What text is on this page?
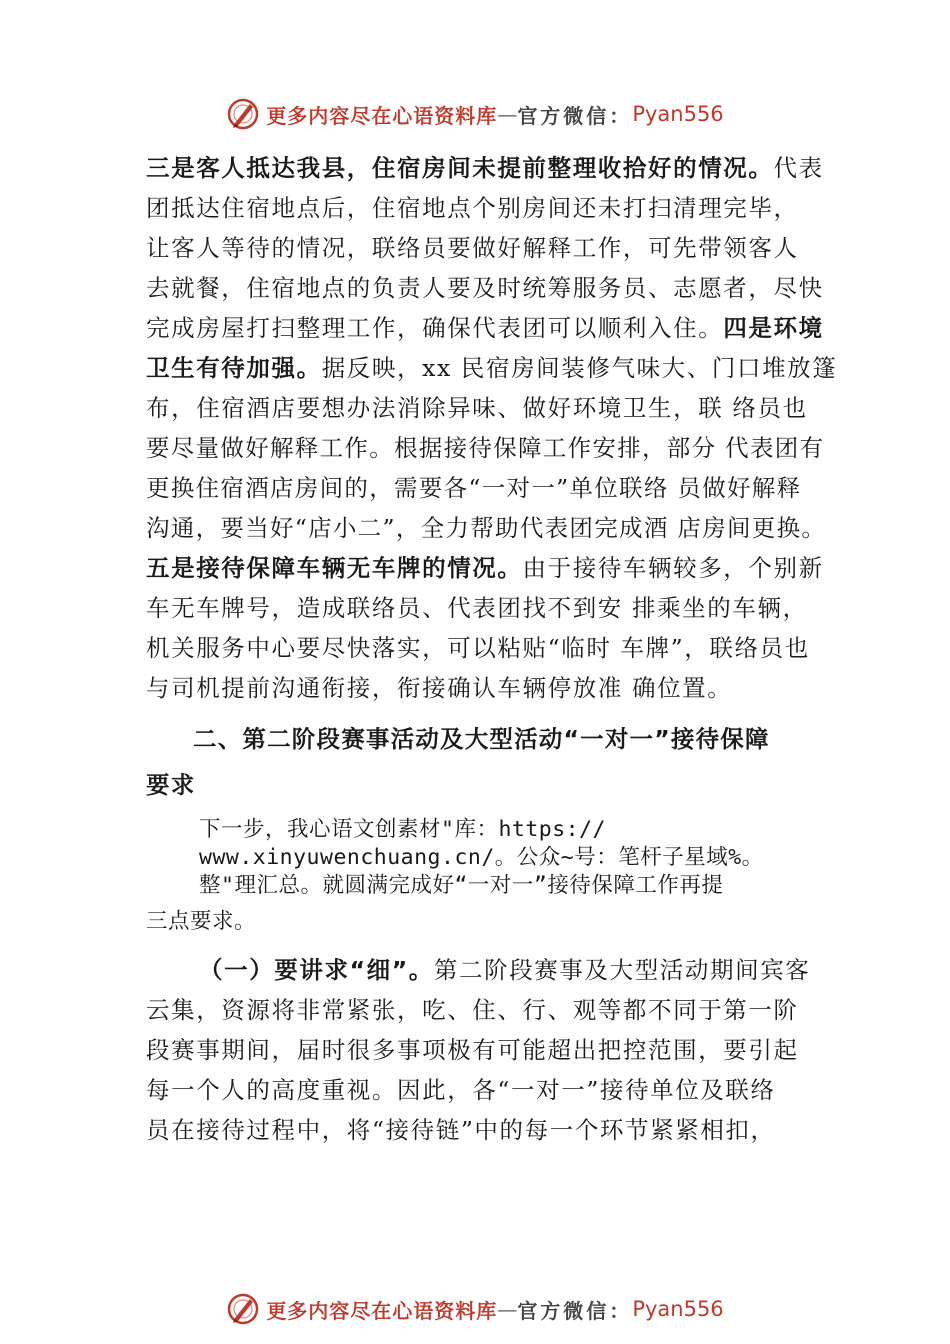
更多内容尽在心语资料库 — 官方微信： Pyan556
三是客人抵达我县，住宿房间未提前整理收拾好的情况。代表
团抵达住宿地点后，住宿地点个别房间还未打扫清理完毕，
让客人等待的情况，联络员要做好解释工作，可先带领客人
去就餐，住宿地点的负责人要及时统筹服务员、志愿者，尽快
完成房屋打扫整理工作，确保代表团可以顺利入住。四是环境
卫生有待加强。据反映，xx 民宿房间装修气味大、门口堆放篷
布，住宿酒店要想办法消除异味、做好环境卫生，联 络员也
要尽量做好解释工作。根据接待保障工作安排，部分 代表团有
更换住宿酒店房间的，需要各“一对一”单位联络 员做好解释
沟通，要当好“店小二”，全力帮助代表团完成酒 店房间更换。
五是接待保障车辆无车牌的情况。由于接待车辆较多，个别新
车无车牌号，造成联络员、代表团找不到安 排乘坐的车辆，
机关服务中心要尽快落实，可以粘贴“临时 车牌”，联络员也
与司机提前沟通衔接，衔接确认车辆停放准 确位置。
二、第二阶段赛事活动及大型活动“一对一”接待保障
要求
下一步，我心语文创素材"库：https://
www.xinyuwenchuang.cn/。公众~号：笔杆子星域%。
整"理汇总。就圆满完成好“一对一”接待保障工作再提
三点要求。
（一）要讲求“细”。第二阶段赛事及大型活动期间宾客
云集，资源将非常紧张，吃、住、行、观等都不同于第一阶
段赛事期间，届时很多事项极有可能超出把控范围，要引起
每一个人的高度重视。因此，各“一对一”接待单位及联络
员在接待过程中，将“接待链”中的每一个环节紧紧相扣，
更多内容尽在心语资料库 — 官方微信： Pyan556
